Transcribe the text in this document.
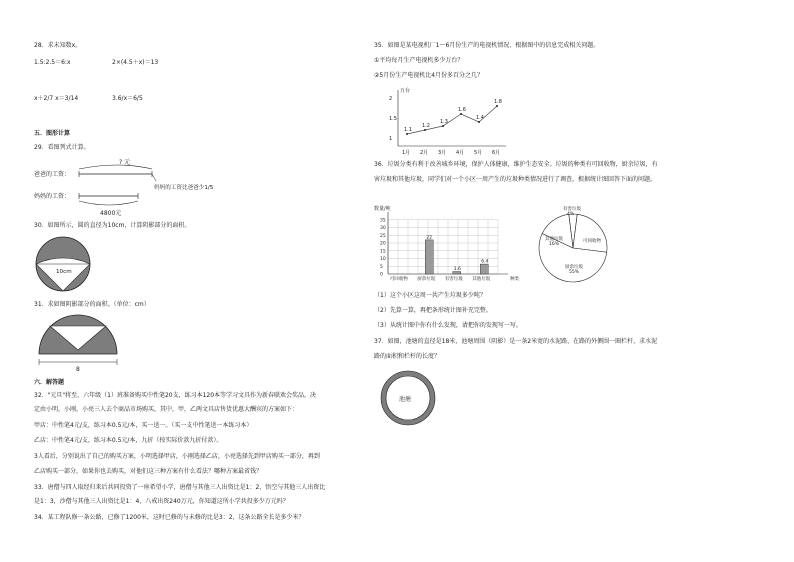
28．求未知数x。
1.5:2.5＝6:x	2×(4.5＋x)＝13
x＋2/7 x＝3/14	3.6/x＝6/5
五．图形计算
29．看图列式计算。
? 元
爸爸的工资：
妈妈的工资比爸爸少1/5
妈妈的工资：
4800元
30．如图所示，圆的直径为10cm，计算阴影部分的面积。
10cm
31．求如图阴影部分的面积。（单位：cm）
8
六．解答题
32．"元旦"将至，六年级（1）班准备购买中性笔20支，练习本120本等学习文具作为新春联欢会奖品，决
定由小明，小刚，小亮三人去个商品市场购买，其中，甲，乙两文具店售货优惠大酬宾的方案如下：
甲店：中性笔4元/支，练习本0.5元/本，买一送一。（买一支中性笔送一本练习本）
乙店：中性笔4元/支，练习本0.5元/本，九折（按实际价款九折付款）。
3人看后，分别说出了自己的购买方案，小明选择甲店，小刚选择乙店，小亮选择先到甲店购买一部分，再到
乙店购买一部分，如果你也去购买，对他们这三种方案有什么看法？哪种方案最省钱？
33．唐僧与四人取经归来后共同投资了一座希望小学，唐僧与其他三人出资比是1：2，悟空与其他三人出资比
是1：3，沙僧与其他三人出资比是1：4，八戒出资240万元，你知道这所小学共投多少万元吗？
34．某工程队修一条公路，已修了1200米，这时已修的与未修的比是3：2，这条公路全长是多少米？
35．如图是某电视机厂1～6月份生产的电视机情况，根据图中的信息完成相关问题。
①平均每月生产电视机多少万台？
②5月份生产电视机比4月份多百分之几？
万台
1
1.5
2
1月 2月 3月 4月 5月 6月
1.1
1.2
1.3
1.6
1.4
1.8
36．垃圾分类有利于改善城乡环境，保护人体健康，维护生态安全。垃圾的种类有可回收物，厨余垃圾，有
害垃圾和其他垃圾，同学们对一个小区一周产生的垃圾种类情况进行了调查，根据统计图回答下面的问题。
数量/吨
0
5
10
15
20
25
30
35
种类
可回收物 厨余垃圾
22
有害垃圾
1.6
其他垃圾
6.4
有害垃圾 4%
可回收物
厨余垃圾 55%
其他垃圾 16%
（1）这个小区这周一共产生垃圾多少吨？
（2）先算一算，再把条形统计图补充完整。
（3）从统计图中你有什么发现，请把你的发现写一写。
37．如图，池塘的直径是18米，池塘周围（阴影）是一条2米宽的水泥路，在路的外侧围一圈栏杆，求水泥
路的面积和栏杆的长度？
池塘
